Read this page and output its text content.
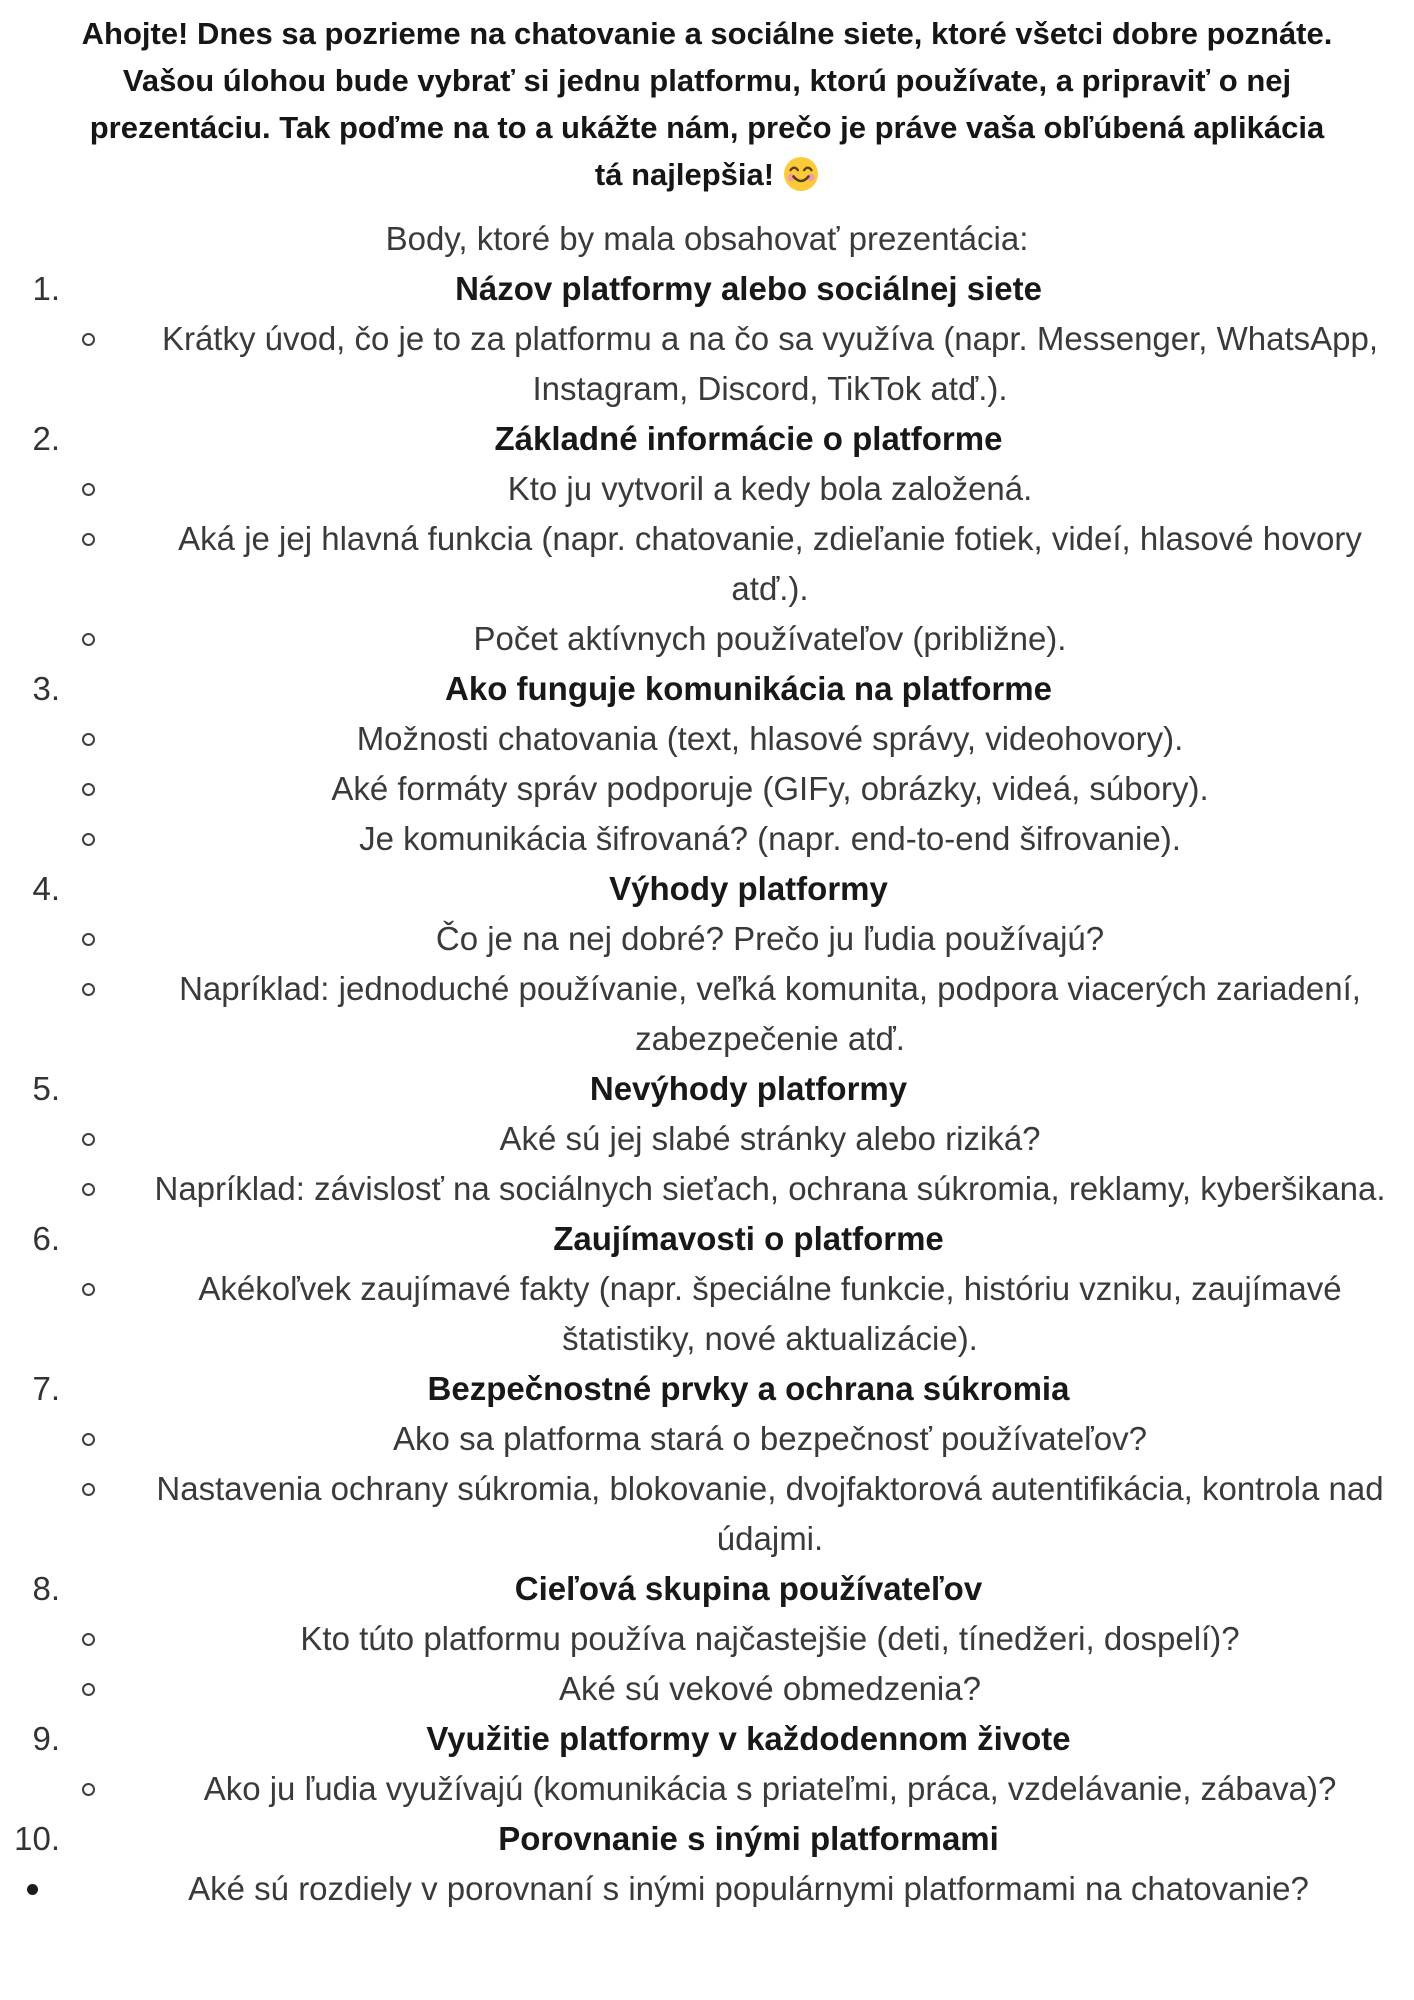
Ahojte! Dnes sa pozrieme na chatovanie a sociálne siete, ktoré všetci dobre poznáte.
Vašou úlohou bude vybrať si jednu platformu, ktorú používate, a pripraviť o nej
prezentáciu. Tak poďme na to a ukážte nám, prečo je práve vaša obľúbená aplikácia
tá najlepšia!

Body, ktoré by mala obsahovať prezentácia:

1.	Názov platformy alebo sociálnej siete
Krátky úvod, čo je to za platformu a na čo sa využíva (napr. Messenger, WhatsApp, Instagram, Discord, TikTok atď.).
2.	Základné informácie o platforme
Kto ju vytvoril a kedy bola založená.
Aká je jej hlavná funkcia (napr. chatovanie, zdieľanie fotiek, videí, hlasové hovory atď.).
Počet aktívnych používateľov (približne).
3.	Ako funguje komunikácia na platforme
Možnosti chatovania (text, hlasové správy, videohovory).
Aké formáty správ podporuje (GIFy, obrázky, videá, súbory).
Je komunikácia šifrovaná? (napr. end-to-end šifrovanie).
4.	Výhody platformy
Čo je na nej dobré? Prečo ju ľudia používajú?
Napríklad: jednoduché používanie, veľká komunita, podpora viacerých zariadení, zabezpečenie atď.
5.	Nevýhody platformy
Aké sú jej slabé stránky alebo riziká?
Napríklad: závislosť na sociálnych sieťach, ochrana súkromia, reklamy, kyberšikana.
6.	Zaujímavosti o platforme
Akékoľvek zaujímavé fakty (napr. špeciálne funkcie, históriu vzniku, zaujímavé štatistiky, nové aktualizácie).
7.	Bezpečnostné prvky a ochrana súkromia
Ako sa platforma stará o bezpečnosť používateľov?
Nastavenia ochrany súkromia, blokovanie, dvojfaktorová autentifikácia, kontrola nad údajmi.
8.	Cieľová skupina používateľov
Kto túto platformu používa najčastejšie (deti, tínedžeri, dospelí)?
Aké sú vekové obmedzenia?
9.	Využitie platformy v každodennom živote
Ako ju ľudia využívajú (komunikácia s priateľmi, práca, vzdelávanie, zábava)?
10.	Porovnanie s inými platformami
Aké sú rozdiely v porovnaní s inými populárnymi platformami na chatovanie?
